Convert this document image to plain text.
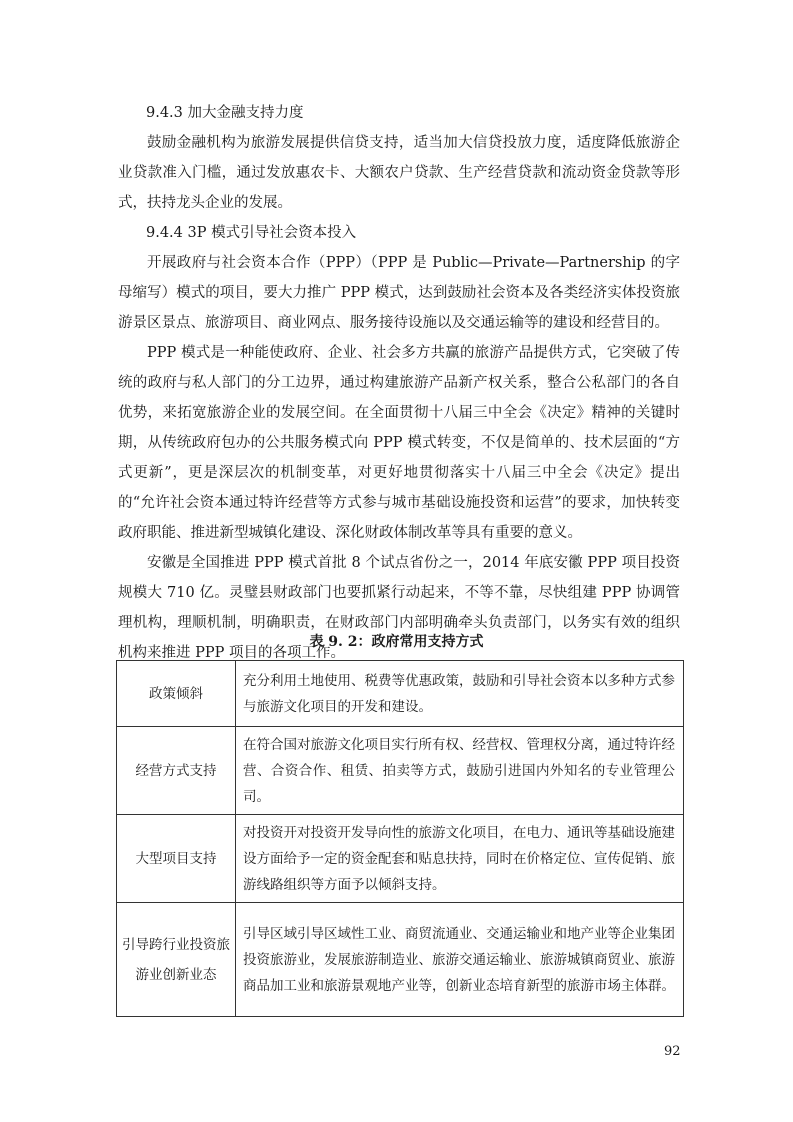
9.4.3 加大金融支持力度

鼓励金融机构为旅游发展提供信贷支持，适当加大信贷投放力度，适度降低旅游企业贷款准入门槛，通过发放惠农卡、大额农户贷款、生产经营贷款和流动资金贷款等形式，扶持龙头企业的发展。

9.4.4 3P 模式引导社会资本投入

开展政府与社会资本合作（PPP）（PPP 是 Public—Private—Partnership 的字母缩写）模式的项目，要大力推广 PPP 模式，达到鼓励社会资本及各类经济实体投资旅游景区景点、旅游项目、商业网点、服务接待设施以及交通运输等的建设和经营目的。

PPP 模式是一种能使政府、企业、社会多方共赢的旅游产品提供方式，它突破了传统的政府与私人部门的分工边界，通过构建旅游产品新产权关系，整合公私部门的各自优势，来拓宽旅游企业的发展空间。在全面贯彻十八届三中全会《决定》精神的关键时期，从传统政府包办的公共服务模式向 PPP 模式转变，不仅是简单的、技术层面的“方式更新”，更是深层次的机制变革，对更好地贯彻落实十八届三中全会《决定》提出的“允许社会资本通过特许经营等方式参与城市基础设施投资和运营”的要求，加快转变政府职能、推进新型城镇化建设、深化财政体制改革等具有重要的意义。

安徽是全国推进 PPP 模式首批 8 个试点省份之一，2014 年底安徽 PPP 项目投资规模大 710 亿。灵璧县财政部门也要抓紧行动起来，不等不靠，尽快组建 PPP 协调管理机构，理顺机制，明确职责，在财政部门内部明确牵头负责部门，以务实有效的组织机构来推进 PPP 项目的各项工作。

表 9. 2：政府常用支持方式
政策倾斜	充分利用土地使用、税费等优惠政策，鼓励和引导社会资本以多种方式参与旅游文化项目的开发和建设。
经营方式支持	在符合国对旅游文化项目实行所有权、经营权、管理权分离，通过特许经营、合资合作、租赁、拍卖等方式，鼓励引进国内外知名的专业管理公司。
大型项目支持	对投资开对投资开发导向性的旅游文化项目，在电力、通讯等基础设施建设方面给予一定的资金配套和贴息扶持，同时在价格定位、宣传促销、旅游线路组织等方面予以倾斜支持。
引导跨行业投资旅游业创新业态	引导区域引导区域性工业、商贸流通业、交通运输业和地产业等企业集团投资旅游业，发展旅游制造业、旅游交通运输业、旅游城镇商贸业、旅游商品加工业和旅游景观地产业等，创新业态培育新型的旅游市场主体群。
92
